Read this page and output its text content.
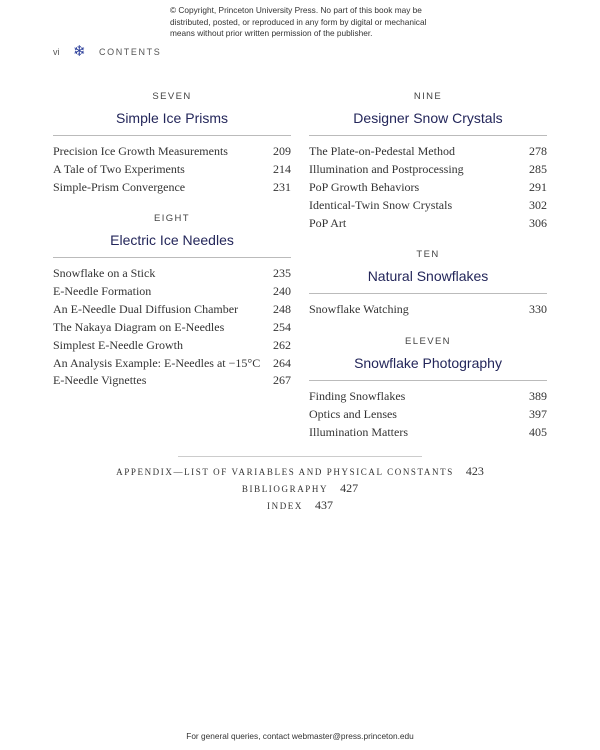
© Copyright, Princeton University Press. No part of this book may be
distributed, posted, or reproduced in any form by digital or mechanical
means without prior written permission of the publisher.
vi ❄	CONTENTS
SEVEN
Simple Ice Prisms
Precision Ice Growth Measurements	209
A Tale of Two Experiments	214
Simple-Prism Convergence	231
EIGHT
Electric Ice Needles
Snowflake on a Stick	235
E-Needle Formation	240
An E-Needle Dual Diffusion Chamber	248
The Nakaya Diagram on E-Needles	254
Simplest E-Needle Growth	262
An Analysis Example: E-Needles at −15°C 264
E-Needle Vignettes	267
NINE
Designer Snow Crystals
The Plate-on-Pedestal Method	278
Illumination and Postprocessing	285
PoP Growth Behaviors	291
Identical-Twin Snow Crystals	302
PoP Art	306
TEN
Natural Snowflakes
Snowflake Watching	330
ELEVEN
Snowflake Photography
Finding Snowflakes	389
Optics and Lenses	397
Illumination Matters	405
APPENDIX—LIST OF VARIABLES AND PHYSICAL CONSTANTS 423
BIBLIOGRAPHY 427
INDEX 437
For general queries, contact webmaster@press.princeton.edu
